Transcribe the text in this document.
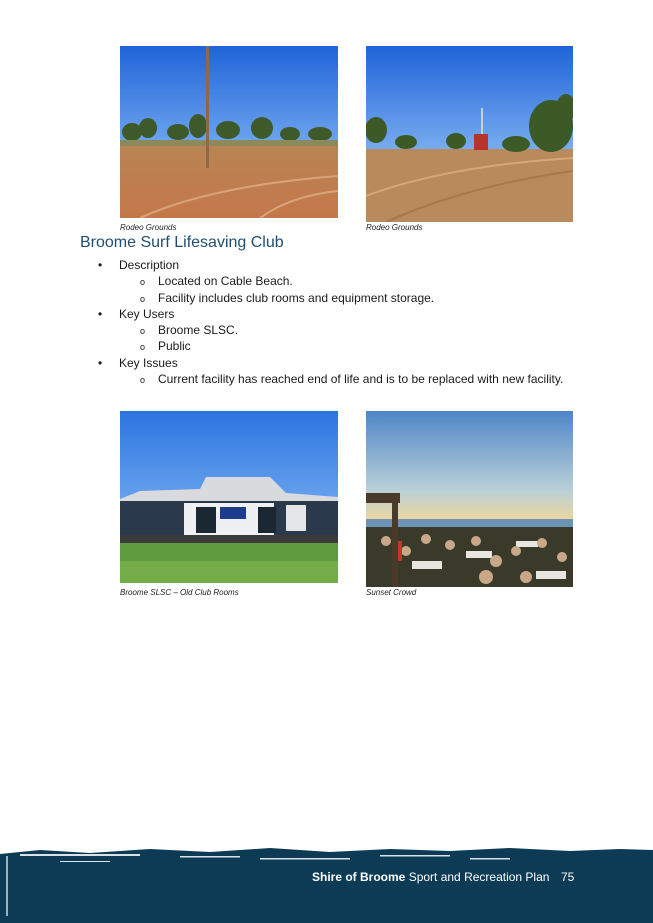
Rodeo Grounds	Rodeo Grounds
Broome Surf Lifesaving Club
• Description
o Located on Cable Beach.
o Facility includes club rooms and equipment storage.
• Key Users
o Broome SLSC.
o Public
• Key Issues
o Current facility has reached end of life and is to be replaced with new facility.
Broome SLSC – Old Club Rooms	Sunset Crowd
Shire of Broome Sport and Recreation Plan 75
